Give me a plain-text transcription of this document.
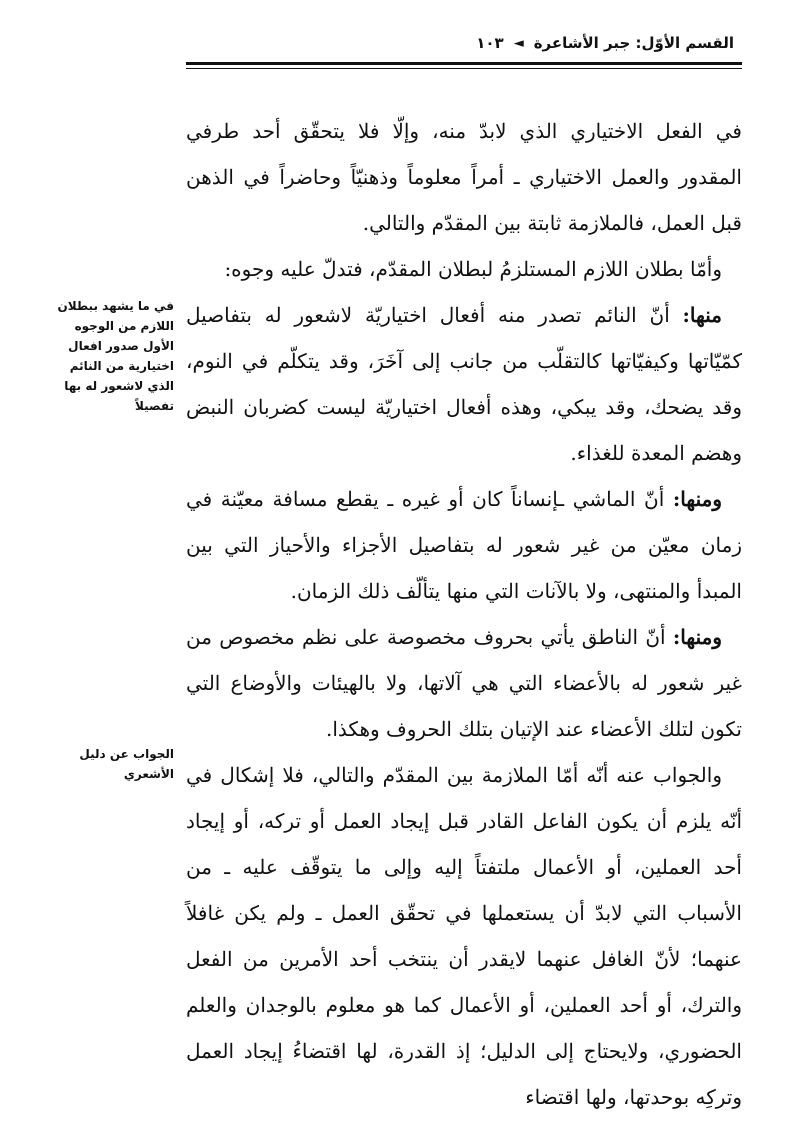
القسم الأوّل: جبر الأشاعرة
◄
١٠٣

في الفعل الاختياري الذي لابدّ منه، وإلّا فلا يتحقّق أحد طرفي المقدور والعمل الاختياري ـ أمراً معلوماً وذهنيّاً وحاضراً في الذهن قبل العمل، فالملازمة ثابتة بين المقدّم والتالي.

وأمّا بطلان اللازم المستلزمُ لبطلان المقدّم، فتدلّ عليه وجوه:

منها: أنّ النائم تصدر منه أفعال اختياريّة لاشعور له بتفاصيل كمّيّاتها وكيفيّاتها كالتقلّب من جانب إلى آخَرَ، وقد يتكلّم في النوم، وقد يضحك، وقد يبكي، وهذه أفعال اختياريّة ليست كضربان النبض وهضم المعدة للغذاء.

ومنها: أنّ الماشي ـإنساناً كان أو غيره ـ يقطع مسافة معيّنة في زمان معيّن من غير شعور له بتفاصيل الأجزاء والأحياز التي بين المبدأ والمنتهى، ولا بالآنات التي منها يتألّف ذلك الزمان.

ومنها: أنّ الناطق يأتي بحروف مخصوصة على نظم مخصوص من غير شعور له بالأعضاء التي هي آلاتها، ولا بالهيئات والأوضاع التي تكون لتلك الأعضاء عند الإتيان بتلك الحروف وهكذا.

والجواب عنه أنّه أمّا الملازمة بين المقدّم والتالي، فلا إشكال في أنّه يلزم أن يكون الفاعل القادر قبل إيجاد العمل أو تركه، أو إيجاد أحد العملين، أو الأعمال ملتفتاً إليه وإلى ما يتوقّف عليه ـ من الأسباب التي لابدّ أن يستعملها في تحقّق العمل ـ ولم يكن غافلاً عنهما؛ لأنّ الغافل عنهما لايقدر أن ينتخب أحد الأمرين من الفعل والترك، أو أحد العملين، أو الأعمال كما هو معلوم بالوجدان والعلم الحضوري، ولايحتاج إلى الدليل؛ إذ القدرة، لها اقتضاءُ إيجاد العمل وتركِه بوحدتها، ولها اقتضاء

في ما يشهد ببطلان اللازم من الوجوه الأول صدور افعال اختيارية من النائم الذي لاشعور له بها تفصيلاً
الجواب عن دليل الأشعري
